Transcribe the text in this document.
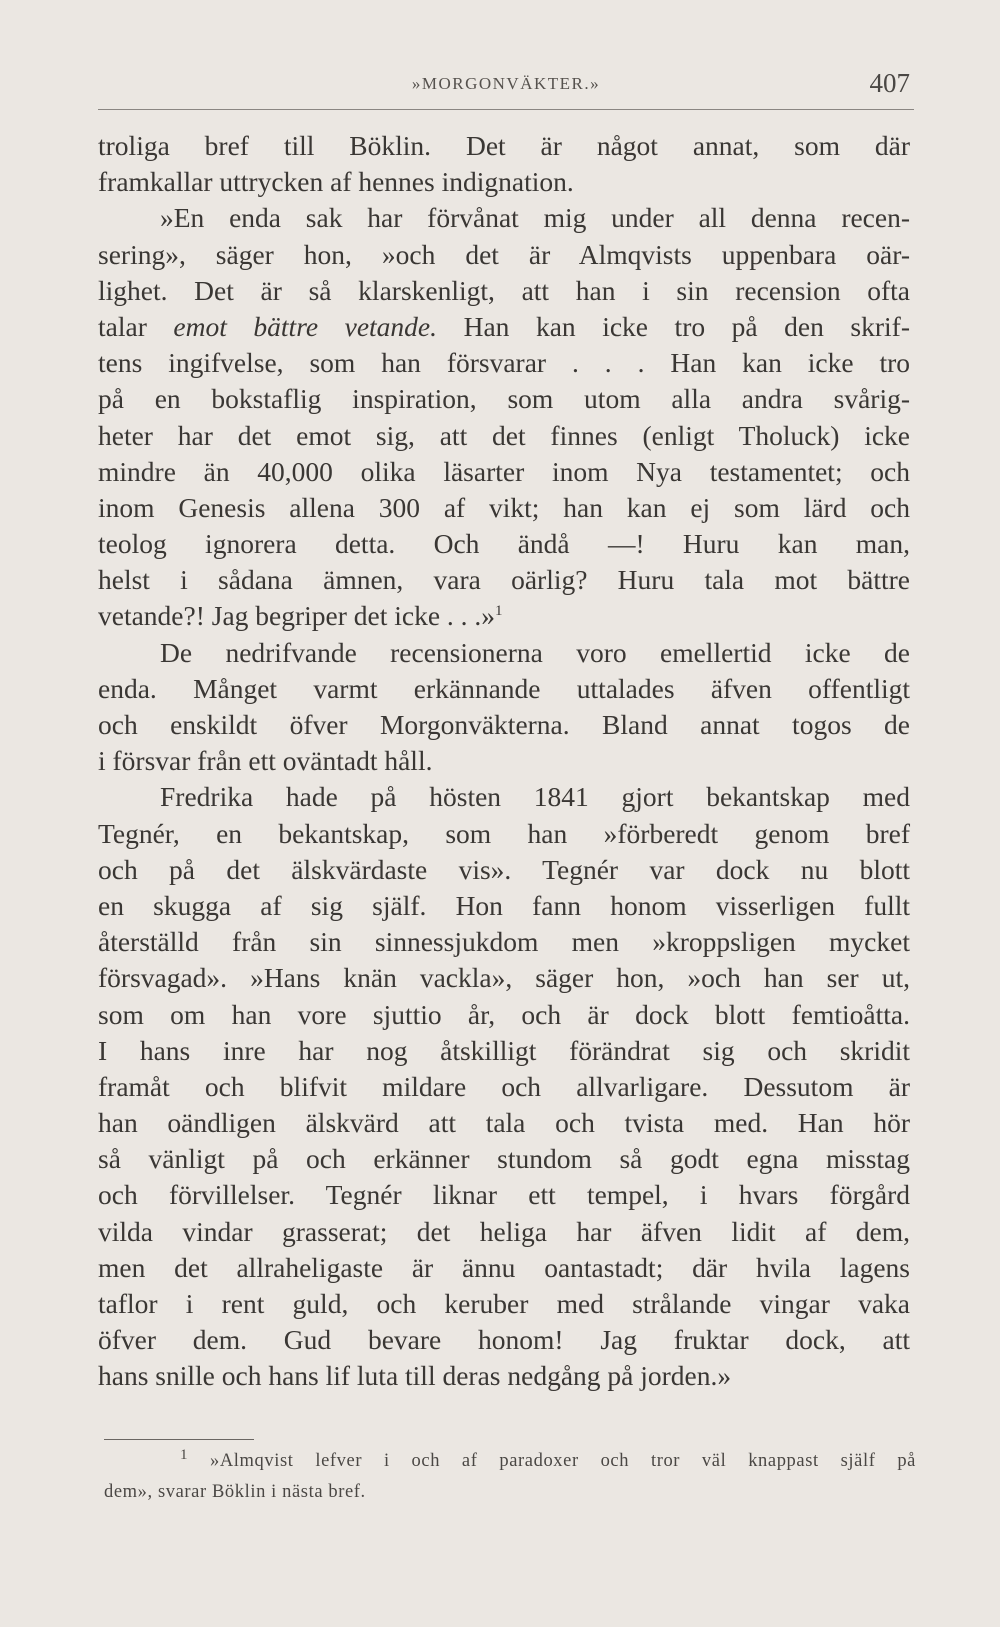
»MORGONVÄKTER.»	407
troliga bref till Böklin. Det är något annat, som där
framkallar uttrycken af hennes indignation.
»En enda sak har förvånat mig under all denna recen-
sering», säger hon, »och det är Almqvists uppenbara oär-
lighet. Det är så klarskenligt, att han i sin recension ofta
talar emot bättre vetande. Han kan icke tro på den skrif-
tens ingifvelse, som han försvarar . . . Han kan icke tro
på en bokstaflig inspiration, som utom alla andra svårig-
heter har det emot sig, att det finnes (enligt Tholuck) icke
mindre än 40,000 olika läsarter inom Nya testamentet; och
inom Genesis allena 300 af vikt; han kan ej som lärd och
teolog ignorera detta. Och ändå —! Huru kan man,
helst i sådana ämnen, vara oärlig? Huru tala mot bättre
vetande?! Jag begriper det icke . . .»$^1$
De nedrifvande recensionerna voro emellertid icke de
enda. Månget varmt erkännande uttalades äfven offentligt
och enskildt öfver Morgonväkterna. Bland annat togos de
i försvar från ett oväntadt håll.
Fredrika hade på hösten 1841 gjort bekantskap med
Tegnér, en bekantskap, som han »förberedt genom bref
och på det älskvärdaste vis». Tegnér var dock nu blott
en skugga af sig själf. Hon fann honom visserligen fullt
återställd från sin sinnessjukdom men »kroppsligen mycket
försvagad». »Hans knän vackla», säger hon, »och han ser ut,
som om han vore sjuttio år, och är dock blott femtioåtta.
I hans inre har nog åtskilligt förändrat sig och skridit
framåt och blifvit mildare och allvarligare. Dessutom är
han oändligen älskvärd att tala och tvista med. Han hör
så vänligt på och erkänner stundom så godt egna misstag
och förvillelser. Tegnér liknar ett tempel, i hvars förgård
vilda vindar grasserat; det heliga har äfven lidit af dem,
men det allraheligaste är ännu oantastadt; där hvila lagens
taflor i rent guld, och keruber med strålande vingar vaka
öfver dem. Gud bevare honom! Jag fruktar dock, att
hans snille och hans lif luta till deras nedgång på jorden.»
$^1$ »Almqvist lefver i och af paradoxer och tror väl knappast själf på
dem», svarar Böklin i nästa bref.
